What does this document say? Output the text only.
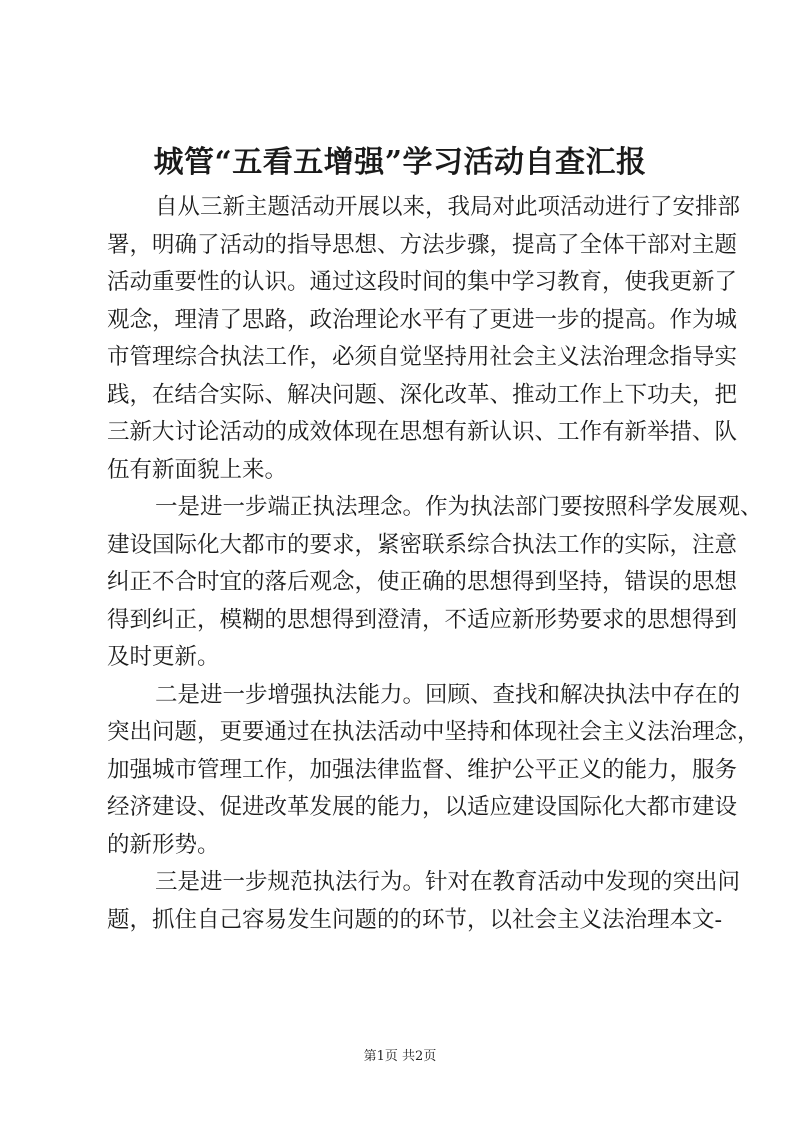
城管“五看五增强”学习活动自查汇报
自从三新主题活动开展以来，我局对此项活动进行了安排部
署，明确了活动的指导思想、方法步骤，提高了全体干部对主题
活动重要性的认识。通过这段时间的集中学习教育，使我更新了
观念，理清了思路，政治理论水平有了更进一步的提高。作为城
市管理综合执法工作，必须自觉坚持用社会主义法治理念指导实
践，在结合实际、解决问题、深化改革、推动工作上下功夫，把
三新大讨论活动的成效体现在思想有新认识、工作有新举措、队
伍有新面貌上来。
一是进一步端正执法理念。作为执法部门要按照科学发展观、
建设国际化大都市的要求，紧密联系综合执法工作的实际，注意
纠正不合时宜的落后观念，使正确的思想得到坚持，错误的思想
得到纠正，模糊的思想得到澄清，不适应新形势要求的思想得到
及时更新。
二是进一步增强执法能力。回顾、查找和解决执法中存在的
突出问题，更要通过在执法活动中坚持和体现社会主义法治理念，
加强城市管理工作，加强法律监督、维护公平正义的能力，服务
经济建设、促进改革发展的能力，以适应建设国际化大都市建设
的新形势。
三是进一步规范执法行为。针对在教育活动中发现的突出问
题，抓住自己容易发生问题的的环节，以社会主义法治理本文-
第1页 共2页
